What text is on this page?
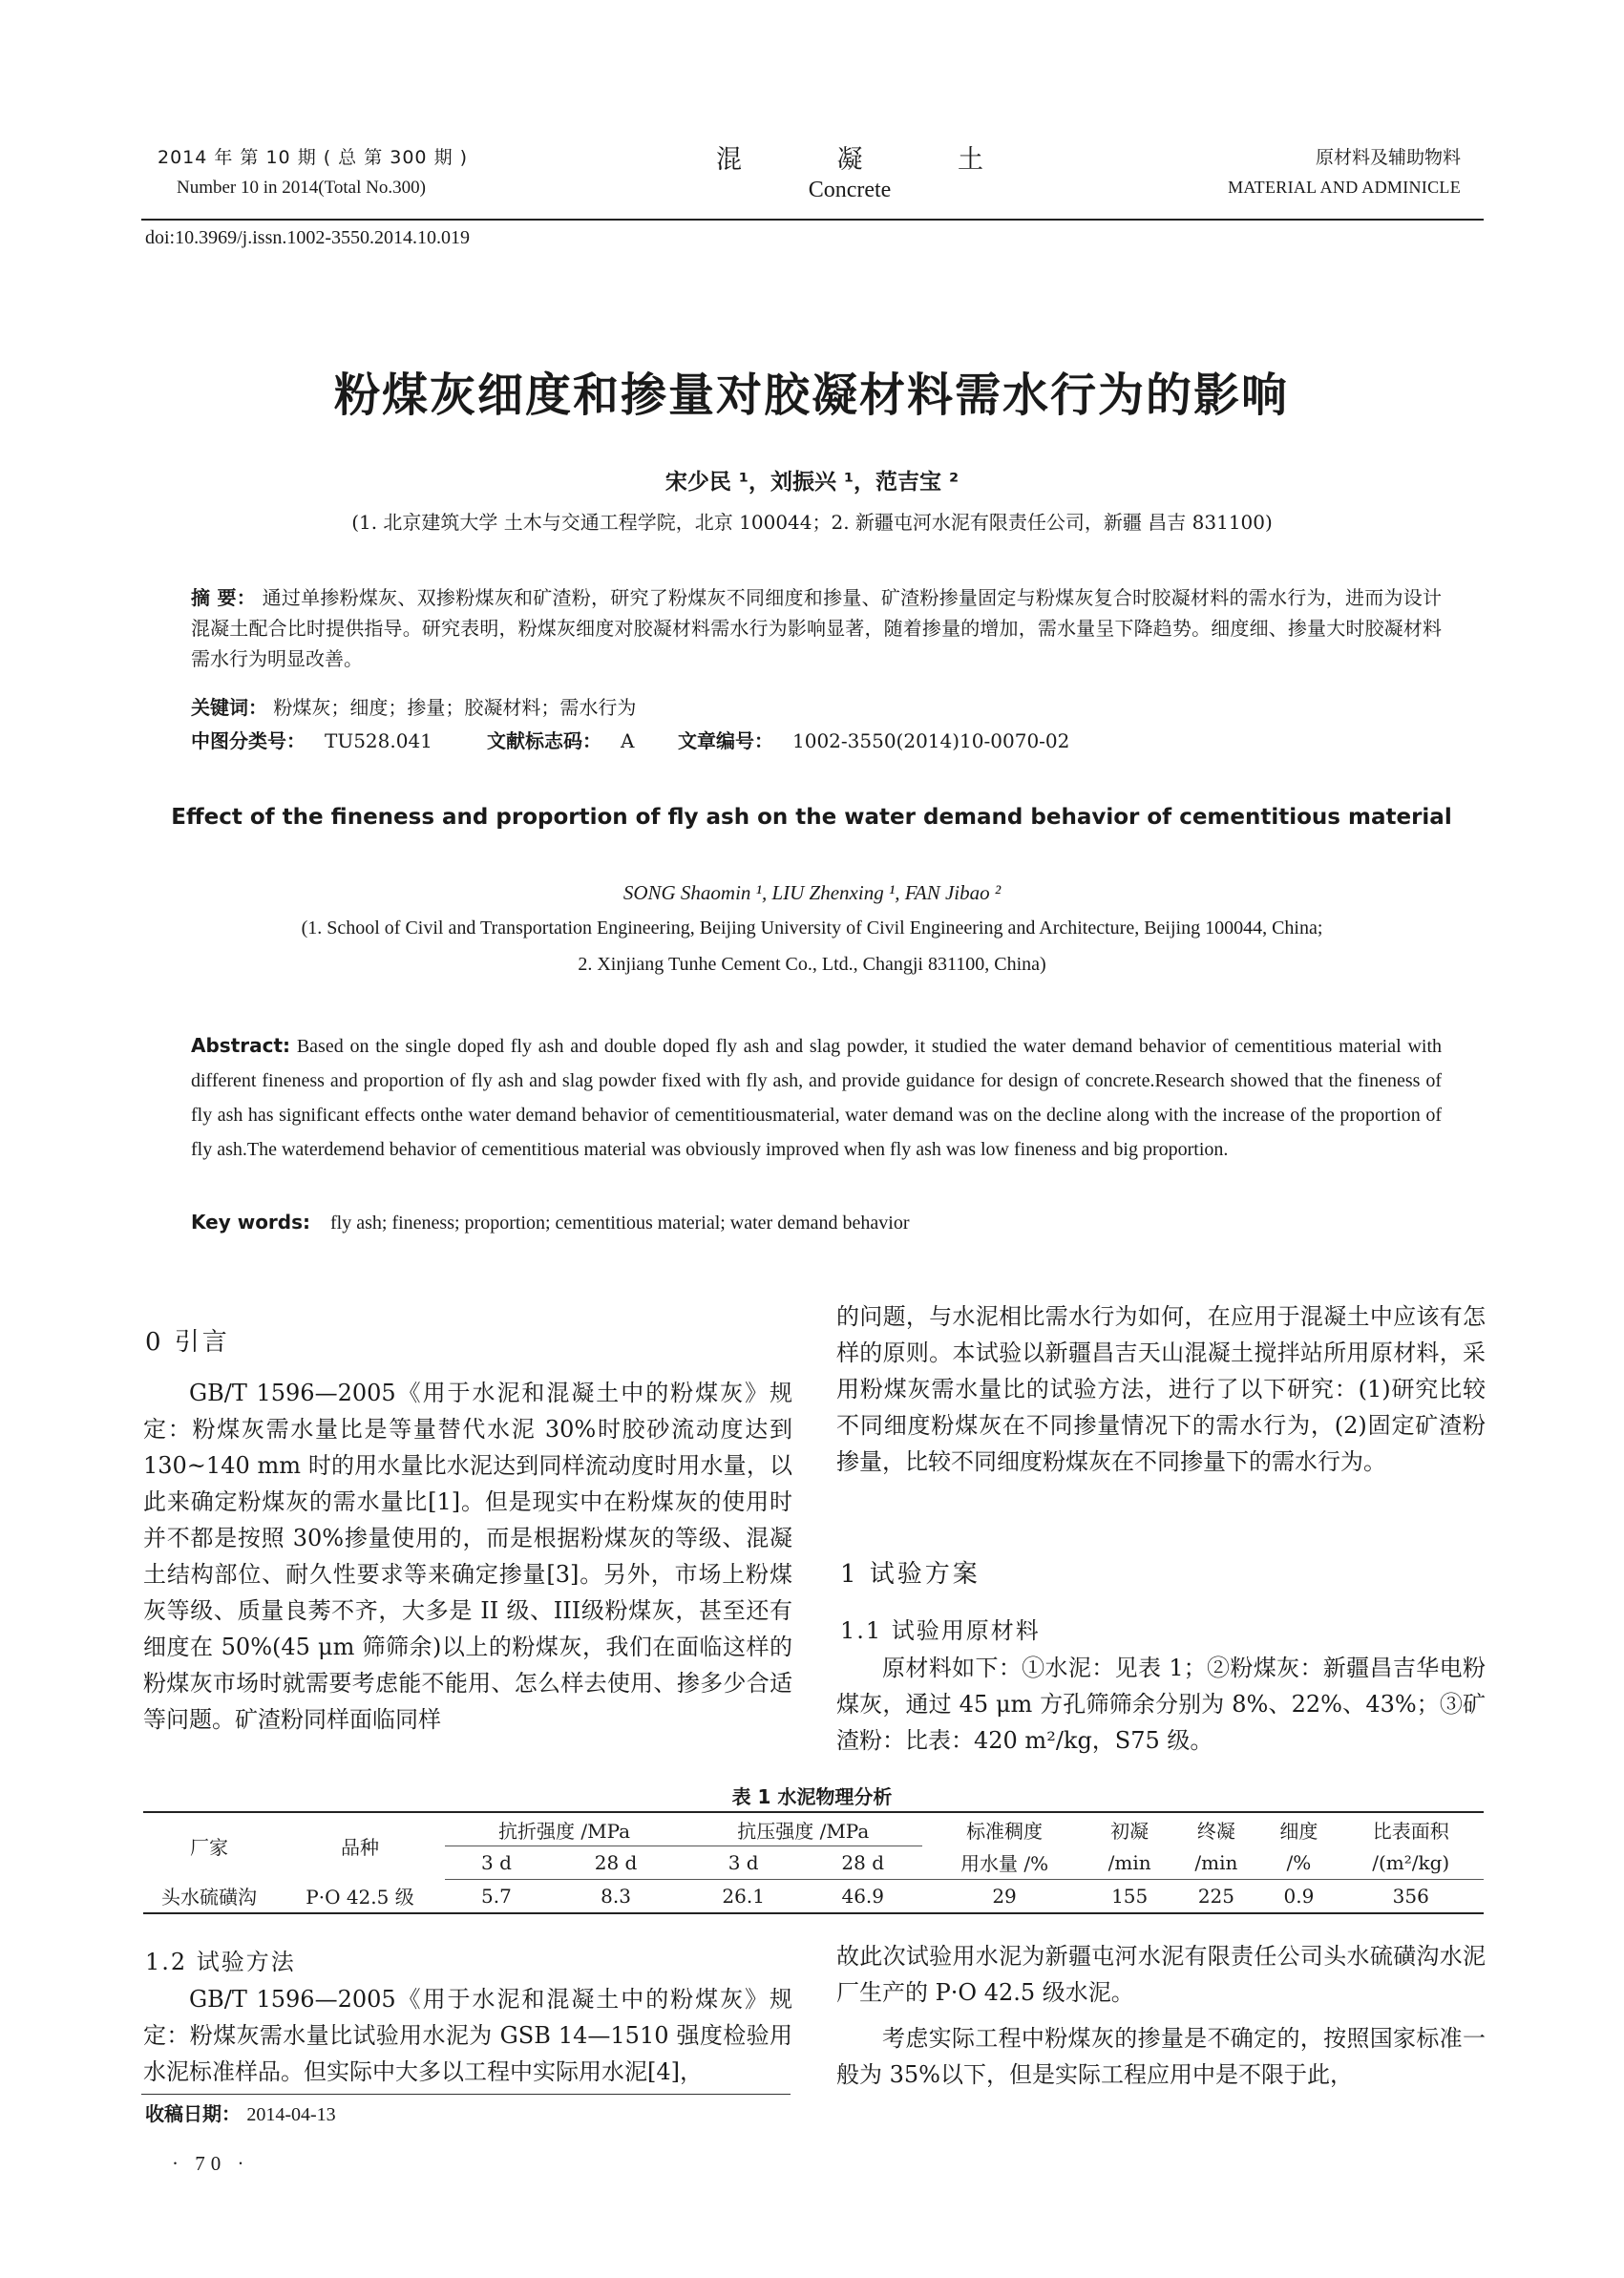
2014 年 第 10 期 ( 总 第 300 期 )
Number 10 in 2014(Total No.300)
混	凝	土
Concrete
原材料及辅助物料
MATERIAL AND ADMINICLE
doi:10.3969/j.issn.1002-3550.2014.10.019
粉煤灰细度和掺量对胶凝材料需水行为的影响
宋少民 ¹，刘振兴 ¹，范吉宝 ²
(1. 北京建筑大学 土木与交通工程学院，北京 100044；2. 新疆屯河水泥有限责任公司，新疆 昌吉 831100)
摘 要： 通过单掺粉煤灰、双掺粉煤灰和矿渣粉，研究了粉煤灰不同细度和掺量、矿渣粉掺量固定与粉煤灰复合时胶凝材料的需水行为，进而为设计混凝土配合比时提供指导。研究表明，粉煤灰细度对胶凝材料需水行为影响显著，随着掺量的增加，需水量呈下降趋势。细度细、掺量大时胶凝材料需水行为明显改善。
关键词： 粉煤灰；细度；掺量；胶凝材料；需水行为
中图分类号： TU528.041	文献标志码： A	文章编号： 1002-3550(2014)10-0070-02
Effect of the fineness and proportion of fly ash on the water demand behavior of cementitious material
SONG Shaomin ¹, LIU Zhenxing ¹, FAN Jibao ²
(1. School of Civil and Transportation Engineering, Beijing University of Civil Engineering and Architecture, Beijing 100044, China;
2. Xinjiang Tunhe Cement Co., Ltd., Changji 831100, China)
Abstract: Based on the single doped fly ash and double doped fly ash and slag powder, it studied the water demand behavior of cementitious material with different fineness and proportion of fly ash and slag powder fixed with fly ash, and provide guidance for design of concrete.Research showed that the fineness of fly ash has significant effects onthe water demand behavior of cementitiousmaterial, water demand was on the decline along with the increase of the proportion of fly ash.The waterdemend behavior of cementitious material was obviously improved when fly ash was low fineness and big proportion.
Key words: fly ash; fineness; proportion; cementitious material; water demand behavior
0 引言

GB/T 1596—2005《用于水泥和混凝土中的粉煤灰》规定：粉煤灰需水量比是等量替代水泥 30%时胶砂流动度达到 130~140 mm 时的用水量比水泥达到同样流动度时用水量，以此来确定粉煤灰的需水量比[1]。但是现实中在粉煤灰的使用时并不都是按照 30%掺量使用的，而是根据粉煤灰的等级、混凝土结构部位、耐久性要求等来确定掺量[3]。另外，市场上粉煤灰等级、质量良莠不齐，大多是 II 级、III级粉煤灰，甚至还有细度在 50%(45 μm 筛筛余)以上的粉煤灰，我们在面临这样的粉煤灰市场时就需要考虑能不能用、怎么样去使用、掺多少合适等问题。矿渣粉同样面临同样

的问题，与水泥相比需水行为如何，在应用于混凝土中应该有怎样的原则。本试验以新疆昌吉天山混凝土搅拌站所用原材料，采用粉煤灰需水量比的试验方法，进行了以下研究：(1)研究比较不同细度粉煤灰在不同掺量情况下的需水行为，(2)固定矿渣粉掺量，比较不同细度粉煤灰在不同掺量下的需水行为。

1 试验方案
1.1 试验用原材料

原材料如下：①水泥：见表 1；②粉煤灰：新疆昌吉华电粉煤灰，通过 45 μm 方孔筛筛余分别为 8%、22%、43%；③矿渣粉：比表：420 m²/kg，S75 级。

表 1 水泥物理分析
厂家	品种	抗折强度 /MPa		抗压强度 /MPa		标准稠度	初凝	终凝	细度	比表面积
		3 d	28 d	3 d	28 d	用水量 /%	/min	/min	/%	/(m²/kg)
头水硫磺沟	P·O 42.5 级	5.7	8.3	26.1	46.9	29	155	225	0.9	356
1.2 试验方法

GB/T 1596—2005《用于水泥和混凝土中的粉煤灰》规定：粉煤灰需水量比试验用水泥为 GSB 14—1510 强度检验用水泥标准样品。但实际中大多以工程中实际用水泥[4]，

故此次试验用水泥为新疆屯河水泥有限责任公司头水硫磺沟水泥厂生产的 P·O 42.5 级水泥。

考虑实际工程中粉煤灰的掺量是不确定的，按照国家标准一般为 35%以下，但是实际工程应用中是不限于此，

收稿日期： 2014-04-13
· 70 ·
